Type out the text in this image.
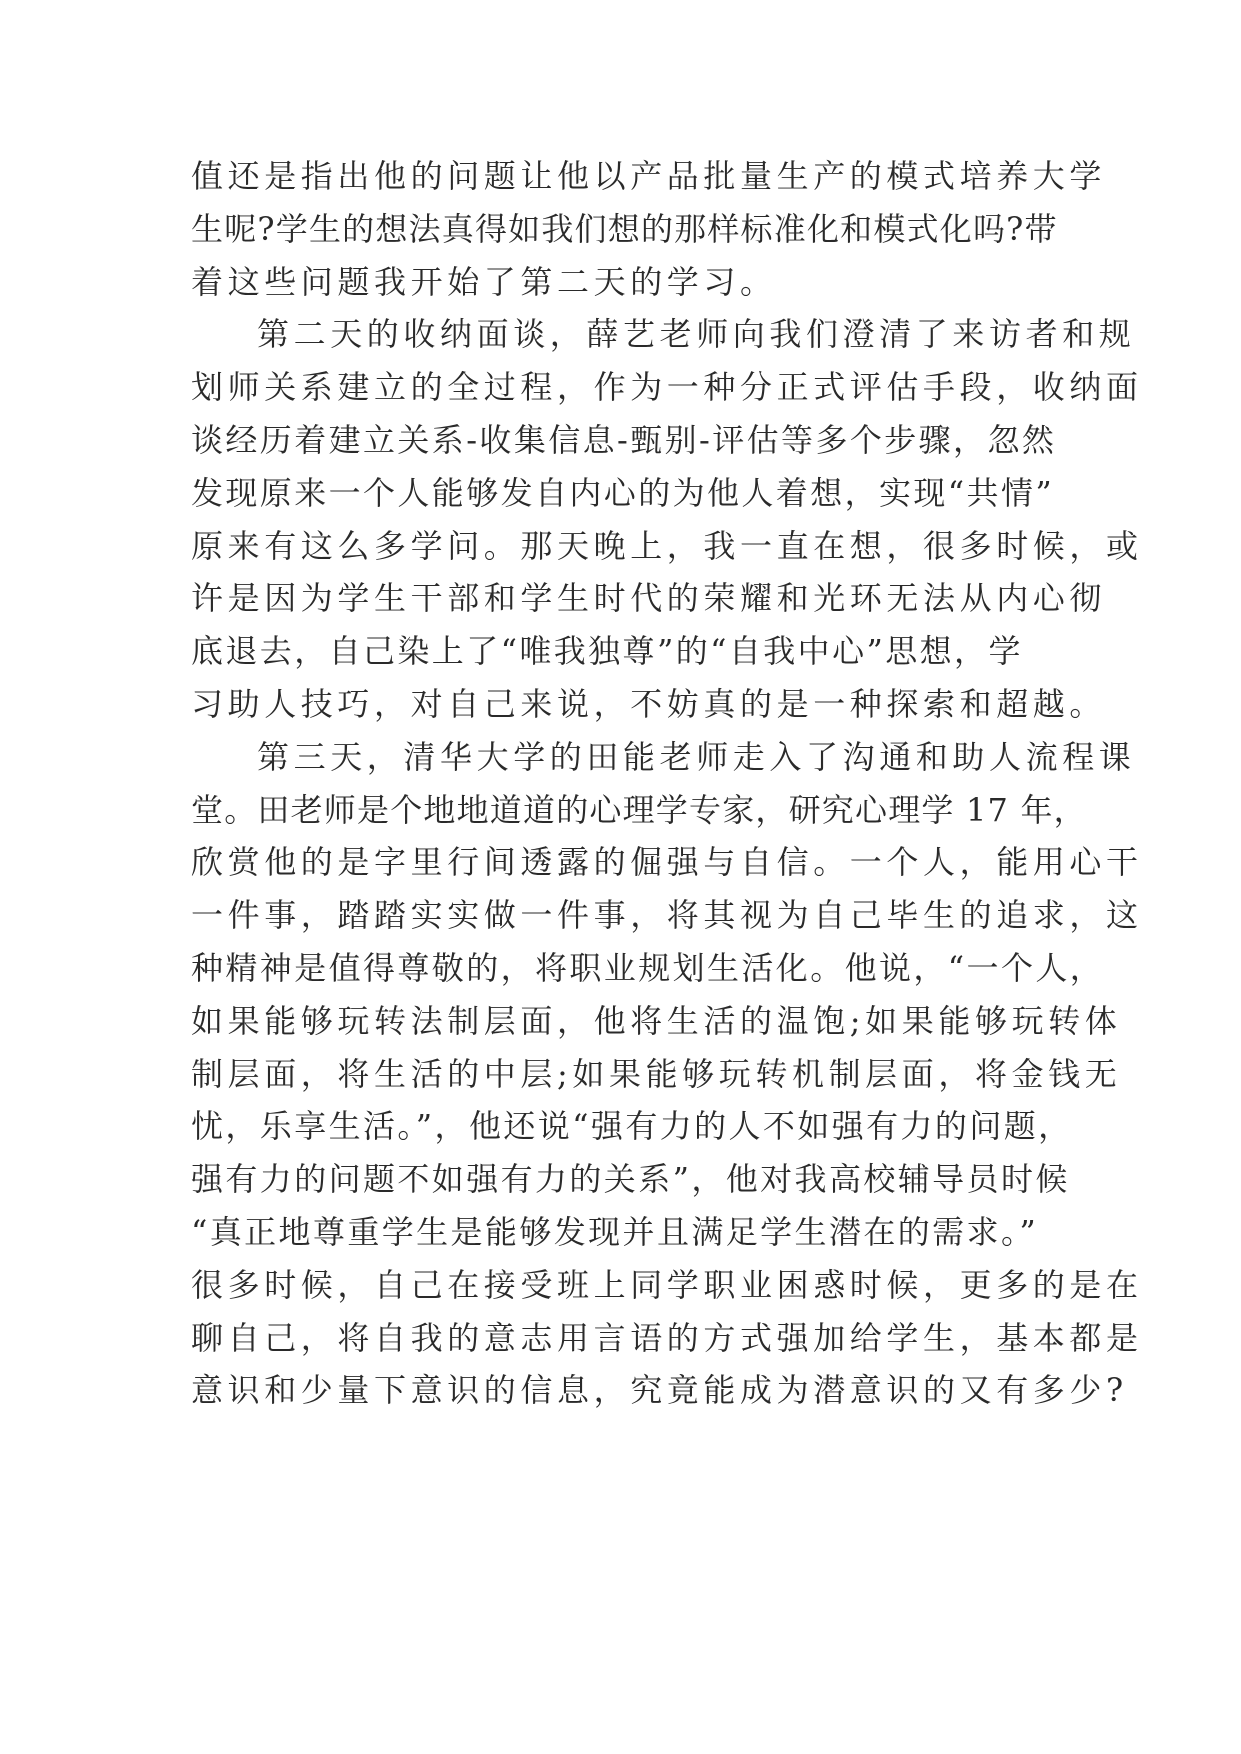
值还是指出他的问题让他以产品批量生产的模式培养大学
生呢?学生的想法真得如我们想的那样标准化和模式化吗?带
着这些问题我开始了第二天的学习。
第二天的收纳面谈，薛艺老师向我们澄清了来访者和规
划师关系建立的全过程，作为一种分正式评估手段，收纳面
谈经历着建立关系-收集信息-甄别-评估等多个步骤，忽然
发现原来一个人能够发自内心的为他人着想，实现“共情”
原来有这么多学问。那天晚上，我一直在想，很多时候，或
许是因为学生干部和学生时代的荣耀和光环无法从内心彻
底退去，自己染上了“唯我独尊”的“自我中心”思想，学
习助人技巧，对自己来说，不妨真的是一种探索和超越。
第三天，清华大学的田能老师走入了沟通和助人流程课
堂。田老师是个地地道道的心理学专家，研究心理学 17 年，
欣赏他的是字里行间透露的倔强与自信。一个人，能用心干
一件事，踏踏实实做一件事，将其视为自己毕生的追求，这
种精神是值得尊敬的，将职业规划生活化。他说，“一个人，
如果能够玩转法制层面，他将生活的温饱;如果能够玩转体
制层面，将生活的中层;如果能够玩转机制层面，将金钱无
忧，乐享生活。”，他还说“强有力的人不如强有力的问题，
强有力的问题不如强有力的关系”，他对我高校辅导员时候
“真正地尊重学生是能够发现并且满足学生潜在的需求。”
很多时候，自己在接受班上同学职业困惑时候，更多的是在
聊自己，将自我的意志用言语的方式强加给学生，基本都是
意识和少量下意识的信息，究竟能成为潜意识的又有多少?
